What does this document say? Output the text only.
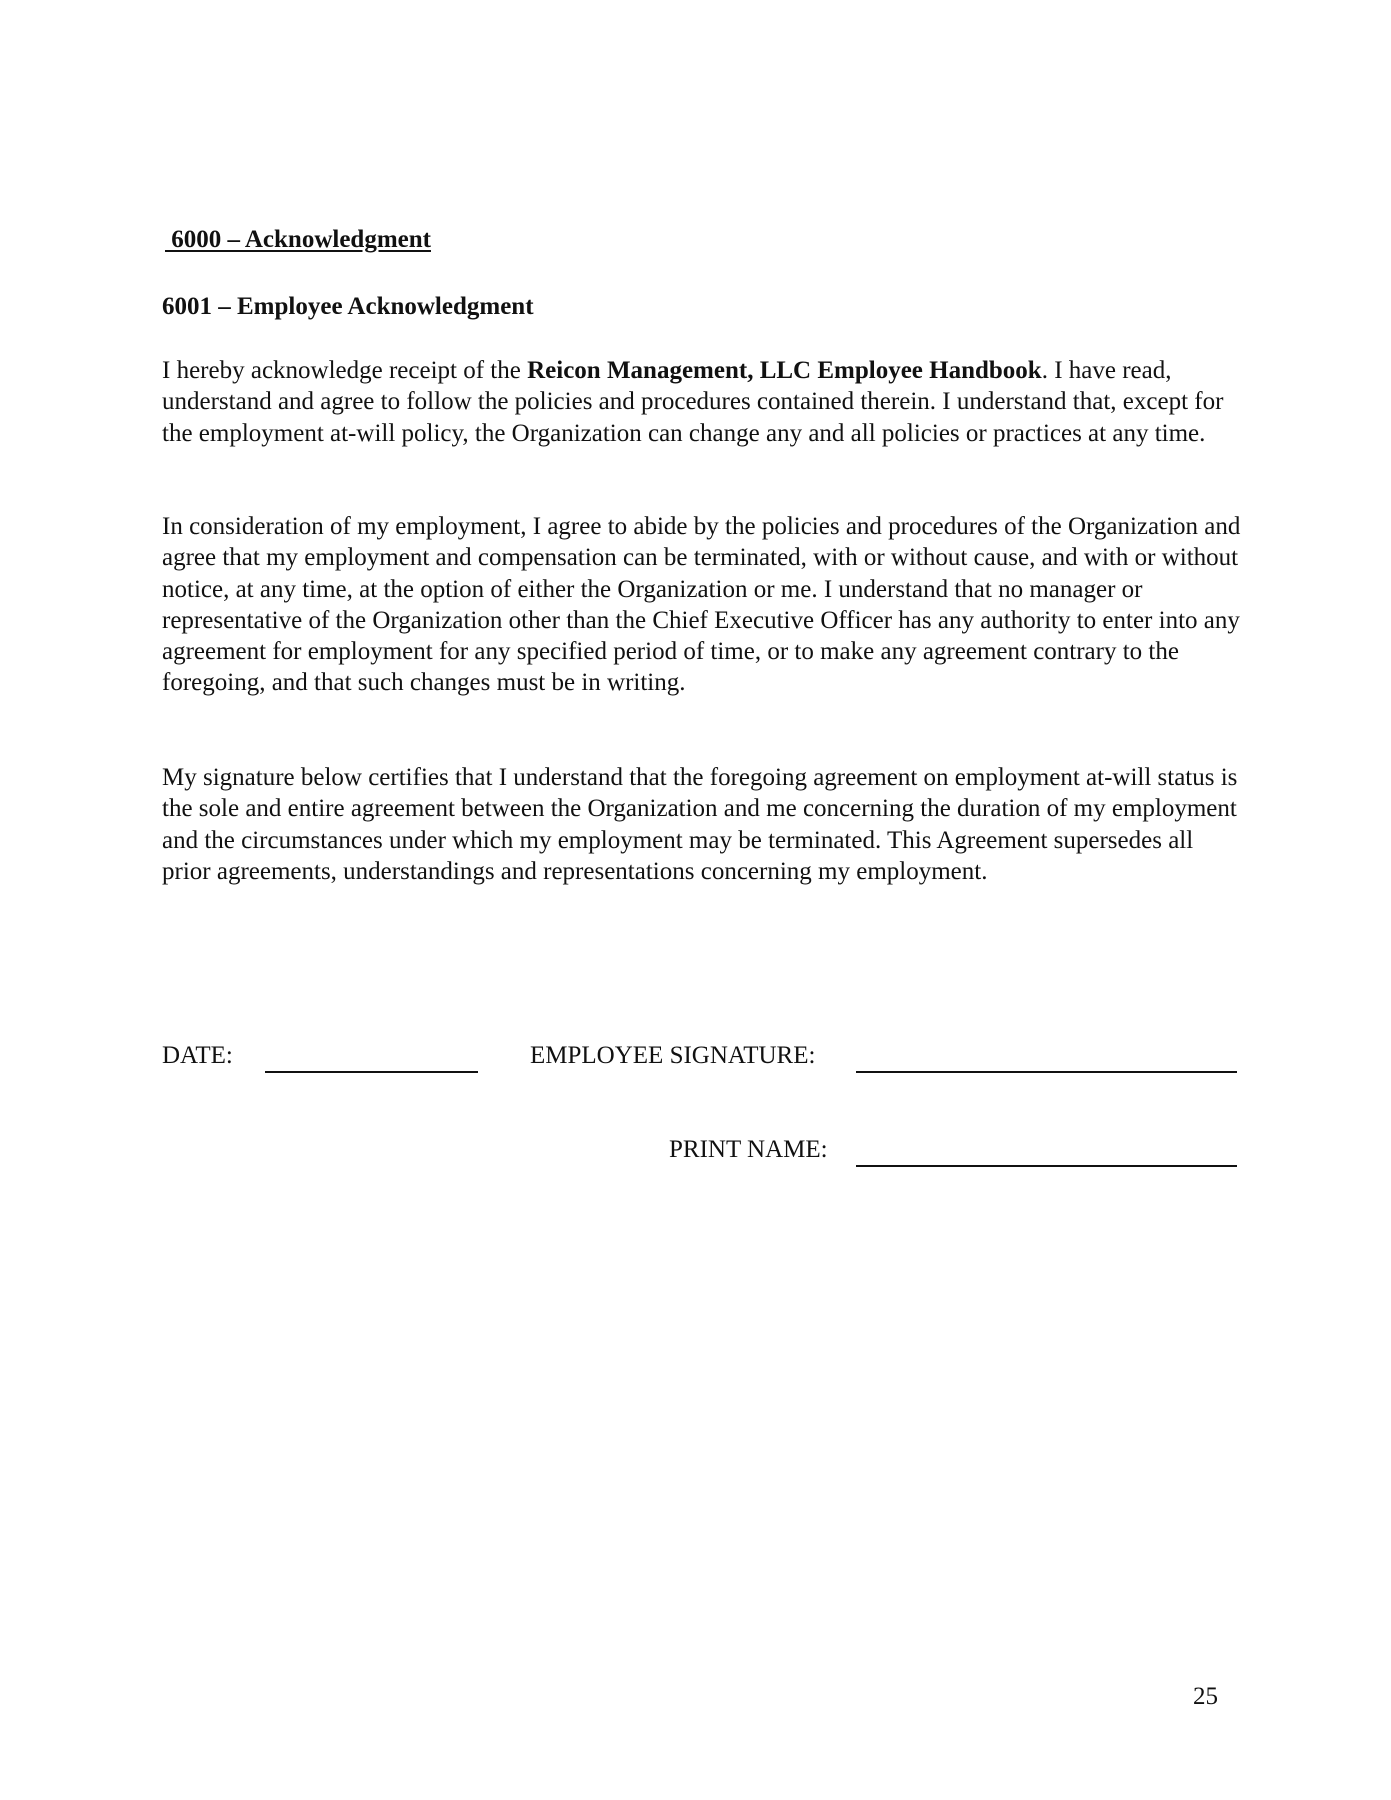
6000 – Acknowledgment
6001 – Employee Acknowledgment

I hereby acknowledge receipt of the Reicon Management, LLC Employee Handbook. I have read, understand and agree to follow the policies and procedures contained therein. I understand that, except for the employment at-will policy, the Organization can change any and all policies or practices at any time.

In consideration of my employment, I agree to abide by the policies and procedures of the Organization and agree that my employment and compensation can be terminated, with or without cause, and with or without notice, at any time, at the option of either the Organization or me. I understand that no manager or representative of the Organization other than the Chief Executive Officer has any authority to enter into any agreement for employment for any specified period of time, or to make any agreement contrary to the foregoing, and that such changes must be in writing.

My signature below certifies that I understand that the foregoing agreement on employment at-will status is the sole and entire agreement between the Organization and me concerning the duration of my employment and the circumstances under which my employment may be terminated. This Agreement supersedes all prior agreements, understandings and representations concerning my employment.

DATE:	EMPLOYEE SIGNATURE:
PRINT NAME:
25
